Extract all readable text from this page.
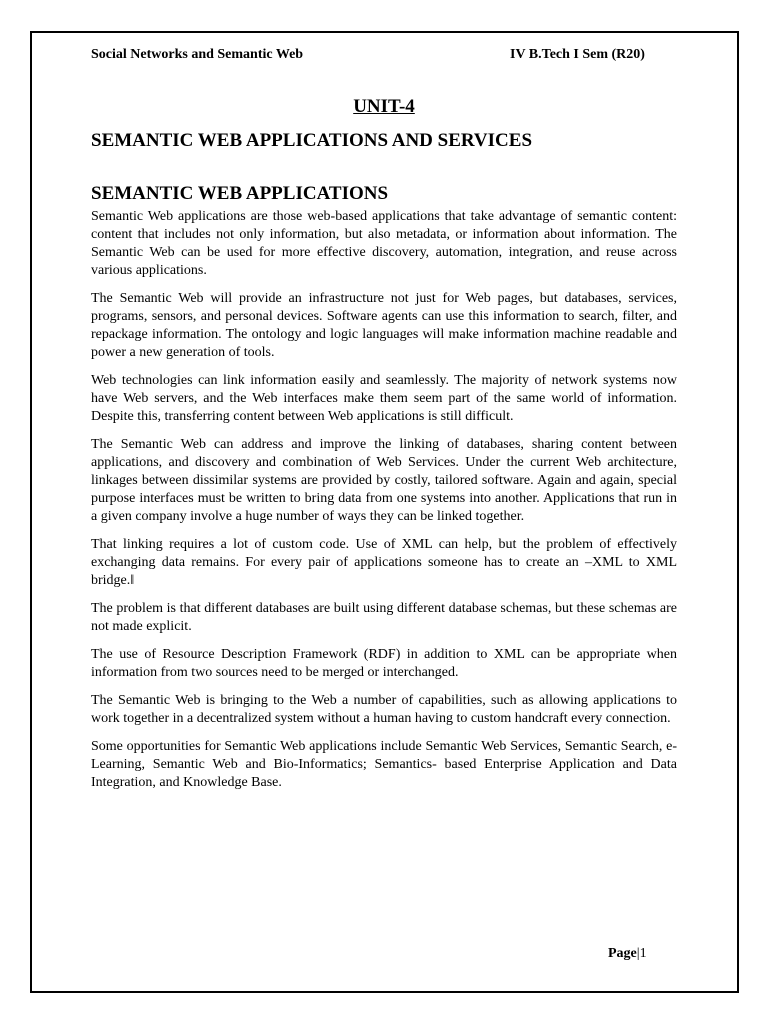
Social Networks and Semantic Web	IV B.Tech I Sem (R20)
UNIT-4
SEMANTIC WEB APPLICATIONS AND SERVICES
SEMANTIC WEB APPLICATIONS

Semantic Web applications are those web-based applications that take advantage of semantic content: content that includes not only information, but also metadata, or information about information. The Semantic Web can be used for more effective discovery, automation, integration, and reuse across various applications.

The Semantic Web will provide an infrastructure not just for Web pages, but databases, services, programs, sensors, and personal devices. Software agents can use this information to search, filter, and repackage information. The ontology and logic languages will make information machine readable and power a new generation of tools.

Web technologies can link information easily and seamlessly. The majority of network systems now have Web servers, and the Web interfaces make them seem part of the same world of information. Despite this, transferring content between Web applications is still difficult.

The Semantic Web can address and improve the linking of databases, sharing content between applications, and discovery and combination of Web Services. Under the current Web architecture, linkages between dissimilar systems are provided by costly, tailored software. Again and again, special purpose interfaces must be written to bring data from one systems into another. Applications that run in a given company involve a huge number of ways they can be linked together.

That linking requires a lot of custom code. Use of XML can help, but the problem of effectively exchanging data remains. For every pair of applications someone has to create an –XML to XML bridge.‖

The problem is that different databases are built using different database schemas, but these schemas are not made explicit.

The use of Resource Description Framework (RDF) in addition to XML can be appropriate when information from two sources need to be merged or interchanged.

The Semantic Web is bringing to the Web a number of capabilities, such as allowing applications to work together in a decentralized system without a human having to custom handcraft every connection.

Some opportunities for Semantic Web applications include Semantic Web Services, Semantic Search, e-Learning, Semantic Web and Bio-Informatics; Semantics- based Enterprise Application and Data Integration, and Knowledge Base.

Page|1
